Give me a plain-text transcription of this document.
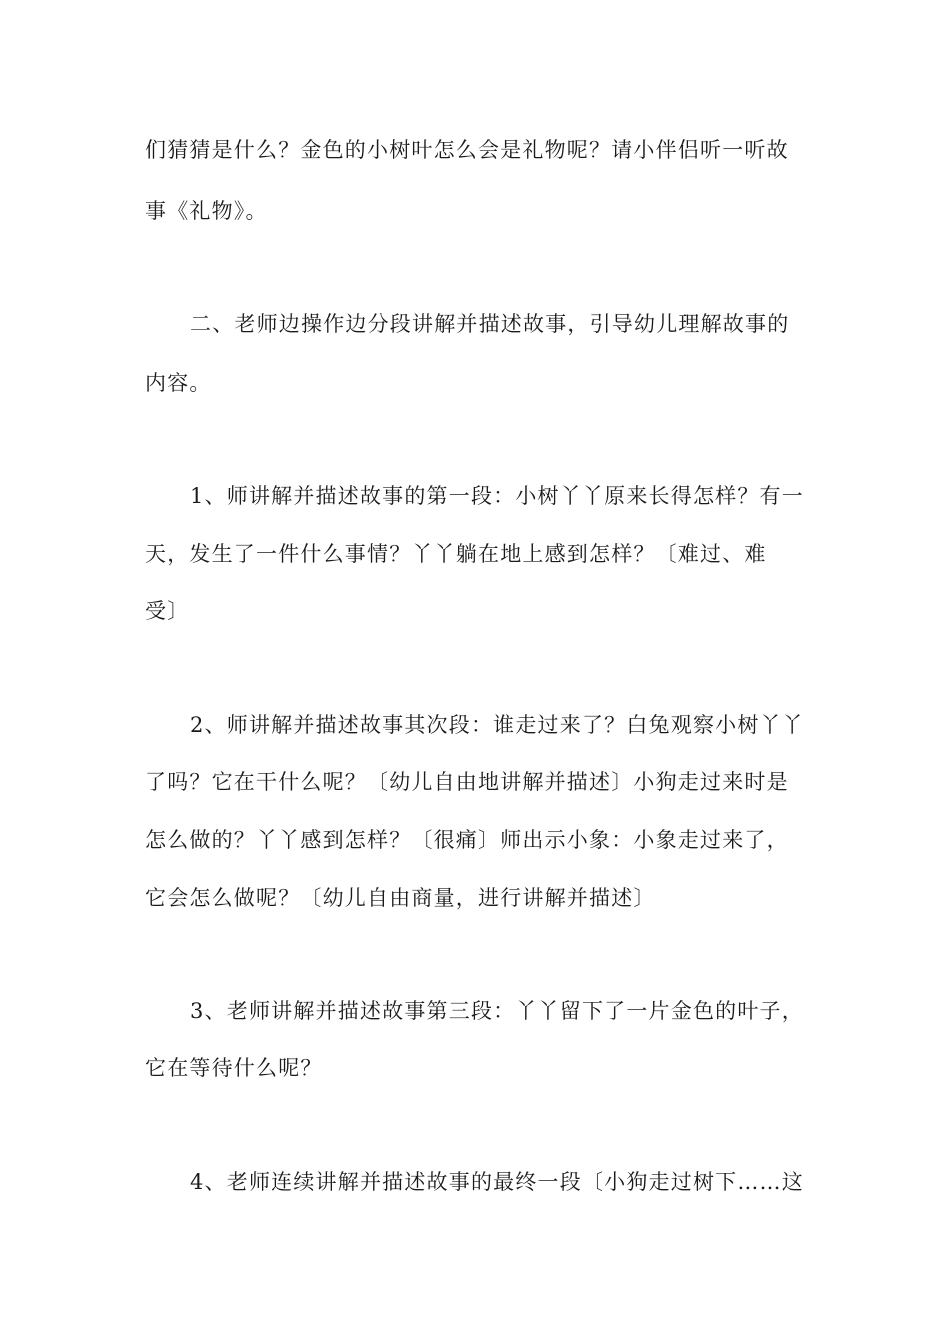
们猜猜是什么？金色的小树叶怎么会是礼物呢？请小伴侣听一听故
事《礼物》。
二、老师边操作边分段讲解并描述故事，引导幼儿理解故事的
内容。
1、师讲解并描述故事的第一段：小树丫丫原来长得怎样？有一
天，发生了一件什么事情？丫丫躺在地上感到怎样？〔难过、难
受〕
2、师讲解并描述故事其次段：谁走过来了？白兔观察小树丫丫
了吗？它在干什么呢？〔幼儿自由地讲解并描述〕小狗走过来时是
怎么做的？丫丫感到怎样？〔很痛〕师出示小象：小象走过来了，
它会怎么做呢？〔幼儿自由商量，进行讲解并描述〕
3、老师讲解并描述故事第三段：丫丫留下了一片金色的叶子，
它在等待什么呢？
4、老师连续讲解并描述故事的最终一段〔小狗走过树下……这
